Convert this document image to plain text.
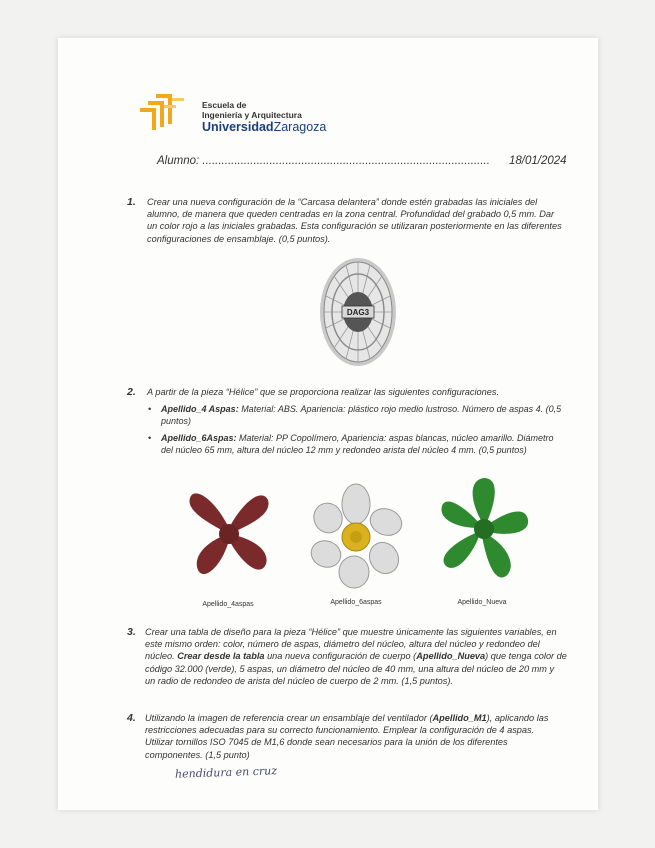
Escuela de
Ingeniería y Arquitectura
UniversidadZaragoza
Alumno: .......................................................................................... 18/01/2024
1. Crear una nueva configuración de la “Carcasa delantera” donde estén grabadas las iniciales del
alumno, de manera que queden centradas en la zona central. Profundidad del grabado 0,5 mm. Dar
un color rojo a las iniciales grabadas. Esta configuración se utilizaran posteriormente en las diferentes
configuraciones de ensamblaje. (0,5 puntos).
DAG3
2. A partir de la pieza “Hélice” que se proporciona realizar las siguientes configuraciones.
• Apellido_4 Aspas: Material: ABS. Apariencia: plástico rojo medio lustroso. Número de aspas 4. (0,5
puntos)
• Apellido_6Aspas: Material: PP Copolímero, Apariencia: aspas blancas, núcleo amarillo. Diámetro
del núcleo 65 mm, altura del núcleo 12 mm y redondeo arista del núcleo 4 mm. (0,5 puntos)
Apellido_4aspas	Apellido_6aspas	Apellido_Nueva
3. Crear una tabla de diseño para la pieza “Hélice” que muestre únicamente las siguientes variables, en
este mismo orden: color, número de aspas, diámetro del núcleo, altura del núcleo y redondeo del
núcleo. Crear desde la tabla una nueva configuración de cuerpo (Apellido_Nueva) que tenga color de
código 32.000 (verde), 5 aspas, un diámetro del núcleo de 40 mm, una altura del núcleo de 20 mm y
un radio de redondeo de arista del núcleo de cuerpo de 2 mm. (1,5 puntos).
4. Utilizando la imagen de referencia crear un ensamblaje del ventilador (Apellido_M1), aplicando las
restricciones adecuadas para su correcto funcionamiento. Emplear la configuración de 4 aspas.
Utilizar tornillos ISO 7045 de M1,6 donde sean necesarios para la unión de los diferentes
componentes. (1,5 punto)
hendidura en cruz
